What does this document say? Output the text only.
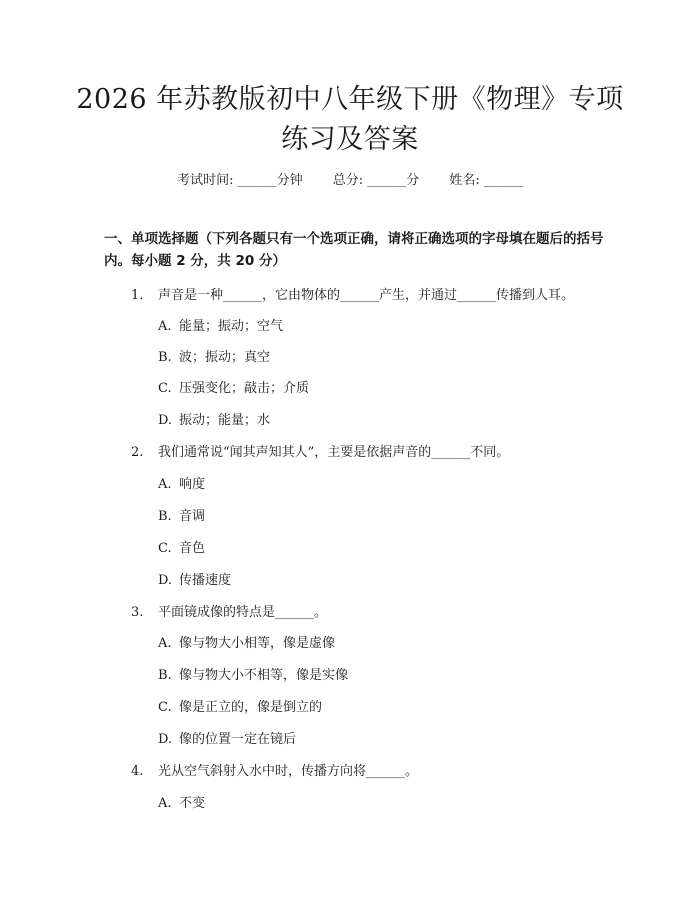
2026 年苏教版初中八年级下册《物理》专项
练习及答案
考试时间: ______分钟 总分: ______分 姓名: ______
一、单项选择题（下列各题只有一个选项正确，请将正确选项的字母填在题后的括号内。每小题 2 分，共 20 分）
1. 声音是一种______，它由物体的______产生，并通过______传播到人耳。
A. 能量；振动；空气
B. 波；振动；真空
C. 压强变化；敲击；介质
D. 振动；能量；水
2. 我们通常说“闻其声知其人”，主要是依据声音的______不同。
A. 响度
B. 音调
C. 音色
D. 传播速度
3. 平面镜成像的特点是______。
A. 像与物大小相等，像是虚像
B. 像与物大小不相等，像是实像
C. 像是正立的，像是倒立的
D. 像的位置一定在镜后
4. 光从空气斜射入水中时，传播方向将______。
A. 不变
